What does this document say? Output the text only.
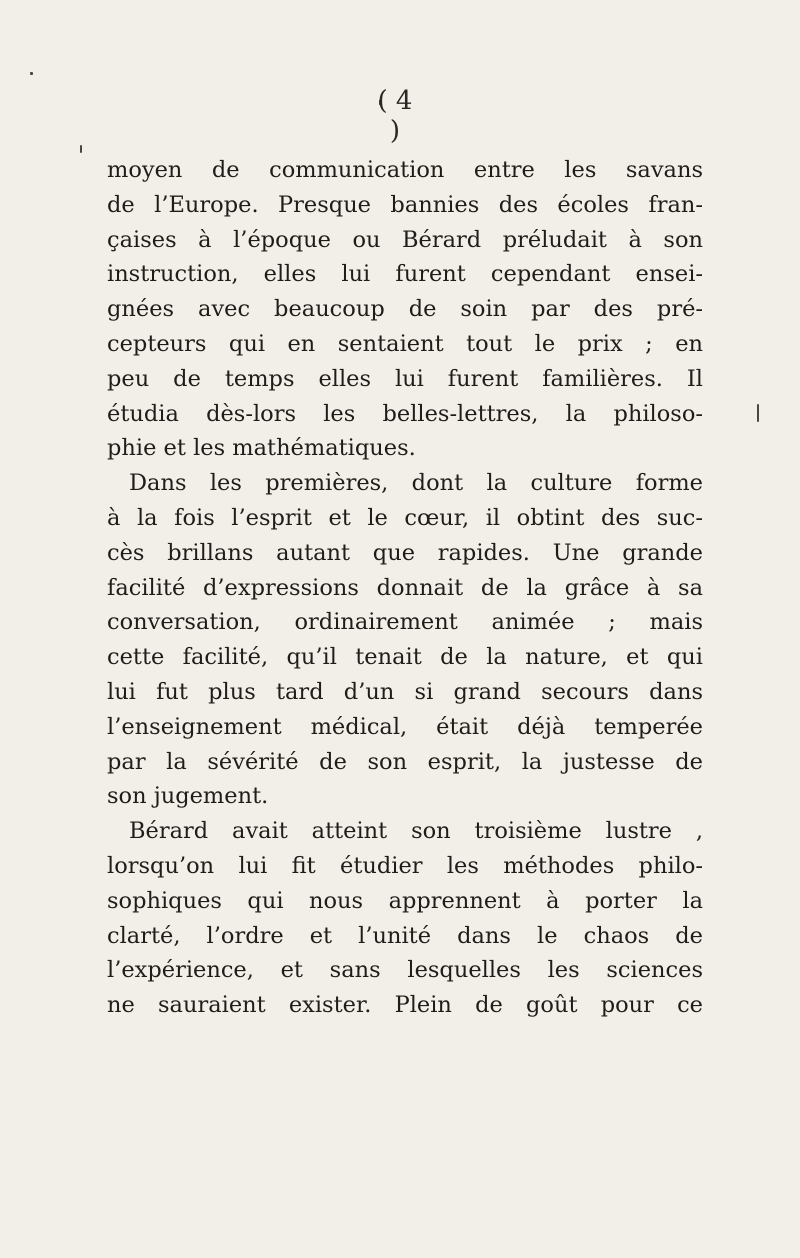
( 4 )
moyen de communication entre les savans
de l’Europe. Presque bannies des écoles fran-
çaises à l’époque ou Bérard préludait à son
instruction, elles lui furent cependant ensei-
gnées avec beaucoup de soin par des pré-
cepteurs qui en sentaient tout le prix ; en
peu de temps elles lui furent familières. Il
étudia dès-lors les belles-lettres, la philoso-
phie et les mathématiques.
Dans les premières, dont la culture forme
à la fois l’esprit et le cœur, il obtint des suc-
cès brillans autant que rapides. Une grande
facilité d’expressions donnait de la grâce à sa
conversation, ordinairement animée ; mais
cette facilité, qu’il tenait de la nature, et qui
lui fut plus tard d’un si grand secours dans
l’enseignement médical, était déjà temperée
par la sévérité de son esprit, la justesse de
son jugement.
Bérard avait atteint son troisième lustre ,
lorsqu’on lui fit étudier les méthodes philo-
sophiques qui nous apprennent à porter la
clarté, l’ordre et l’unité dans le chaos de
l’expérience, et sans lesquelles les sciences
ne sauraient exister. Plein de goût pour ce
